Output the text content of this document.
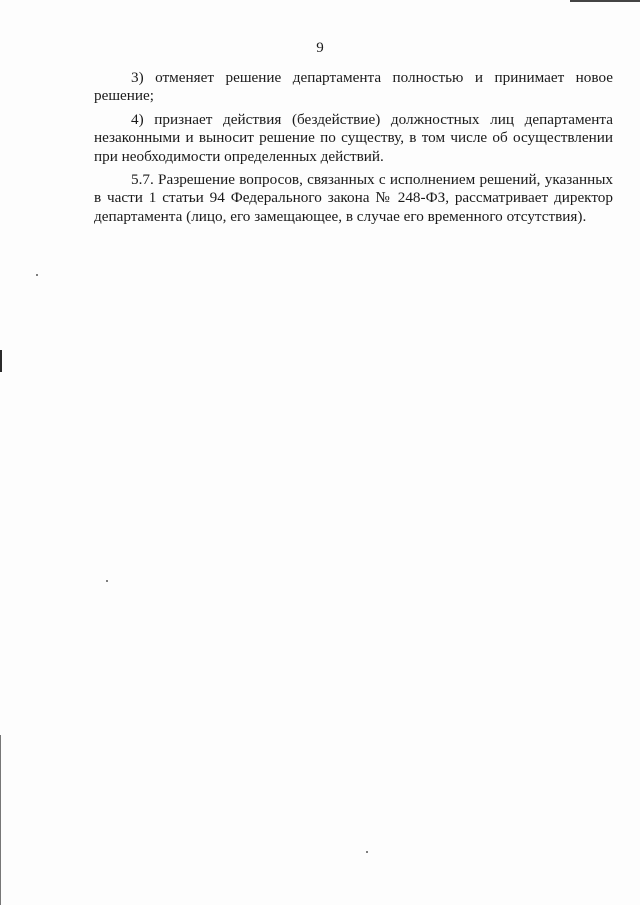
9

3) отменяет решение департамента полностью и принимает новое решение;

4) признает действия (бездействие) должностных лиц департамента незаконными и выносит решение по существу, в том числе об осуществлении при необходимости определенных действий.

5.7. Разрешение вопросов, связанных с исполнением решений, указанных в части 1 статьи 94 Федерального закона № 248-ФЗ, рассматривает директор департамента (лицо, его замещающее, в случае его временного отсутствия).
